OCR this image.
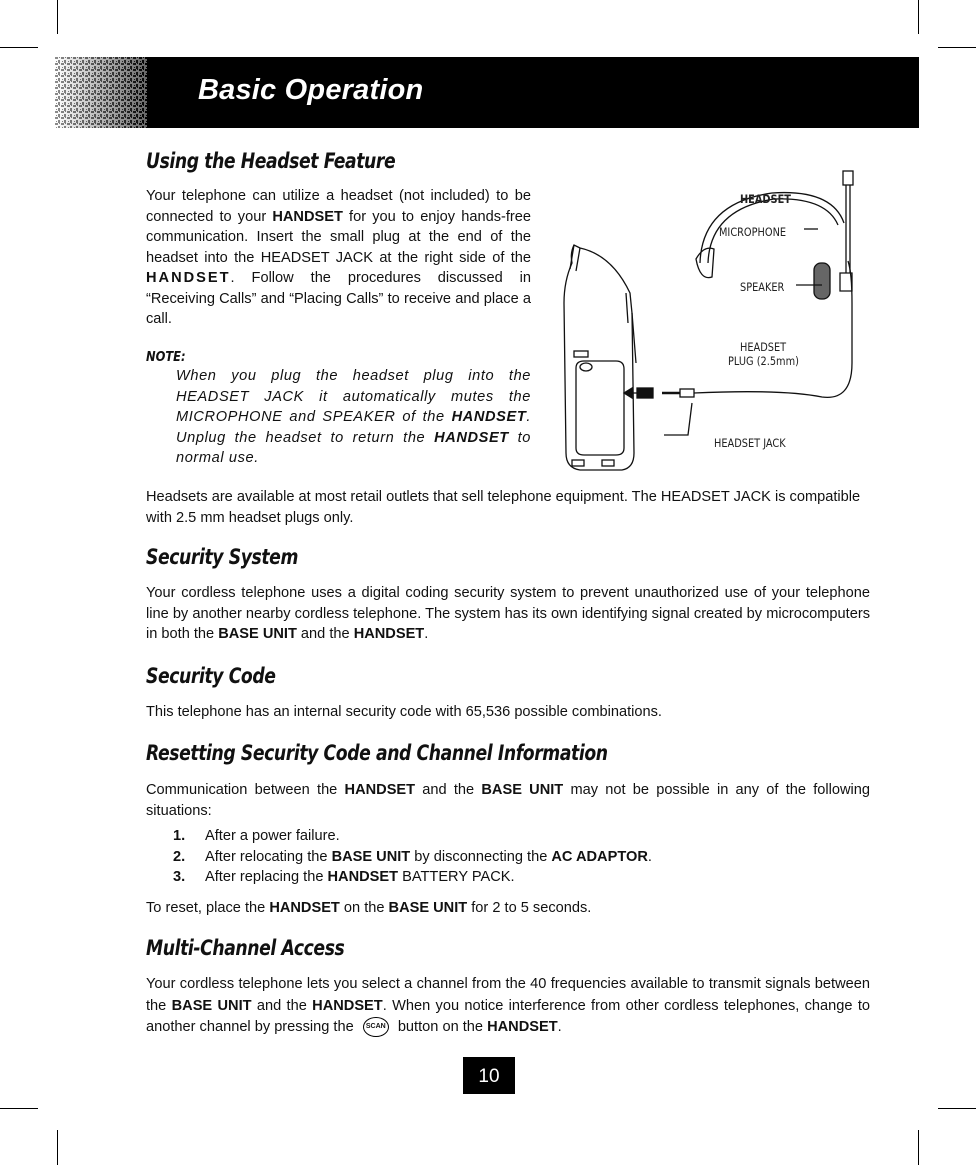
Basic Operation
Using the Headset Feature

Your telephone can utilize a headset (not included) to be connected to your HANDSET for you to enjoy hands-free communication. Insert the small plug at the end of the headset into the HEADSET JACK at the right side of the HANDSET. Follow the procedures discussed in “Receiving Calls” and “Placing Calls” to receive and place a call.

NOTE:
When you plug the headset plug into the HEADSET JACK it automatically mutes the MICROPHONE and SPEAKER of the HANDSET. Unplug the headset to return the HANDSET to normal use.
HEADSET
MICROPHONE
SPEAKER
HEADSET
PLUG (2.5mm)
HEADSET JACK

Headsets are available at most retail outlets that sell telephone equipment. The HEADSET JACK is compatible with 2.5 mm headset plugs only.

Security System

Your cordless telephone uses a digital coding security system to prevent unauthorized use of your telephone line by another nearby cordless telephone. The system has its own identifying signal created by microcomputers in both the BASE UNIT and the HANDSET.

Security Code

This telephone has an internal security code with 65,536 possible combinations.

Resetting Security Code and Channel Information

Communication between the HANDSET and the BASE UNIT may not be possible in any of the following situations:

1. After a power failure.
2. After relocating the BASE UNIT by disconnecting the AC ADAPTOR.
3. After replacing the HANDSET BATTERY PACK.

To reset, place the HANDSET on the BASE UNIT for 2 to 5 seconds.

Multi-Channel Access

Your cordless telephone lets you select a channel from the 40 frequencies available to transmit signals between the BASE UNIT and the HANDSET. When you notice interference from other cordless telephones, change to another channel by pressing the SCAN button on the HANDSET.

10
